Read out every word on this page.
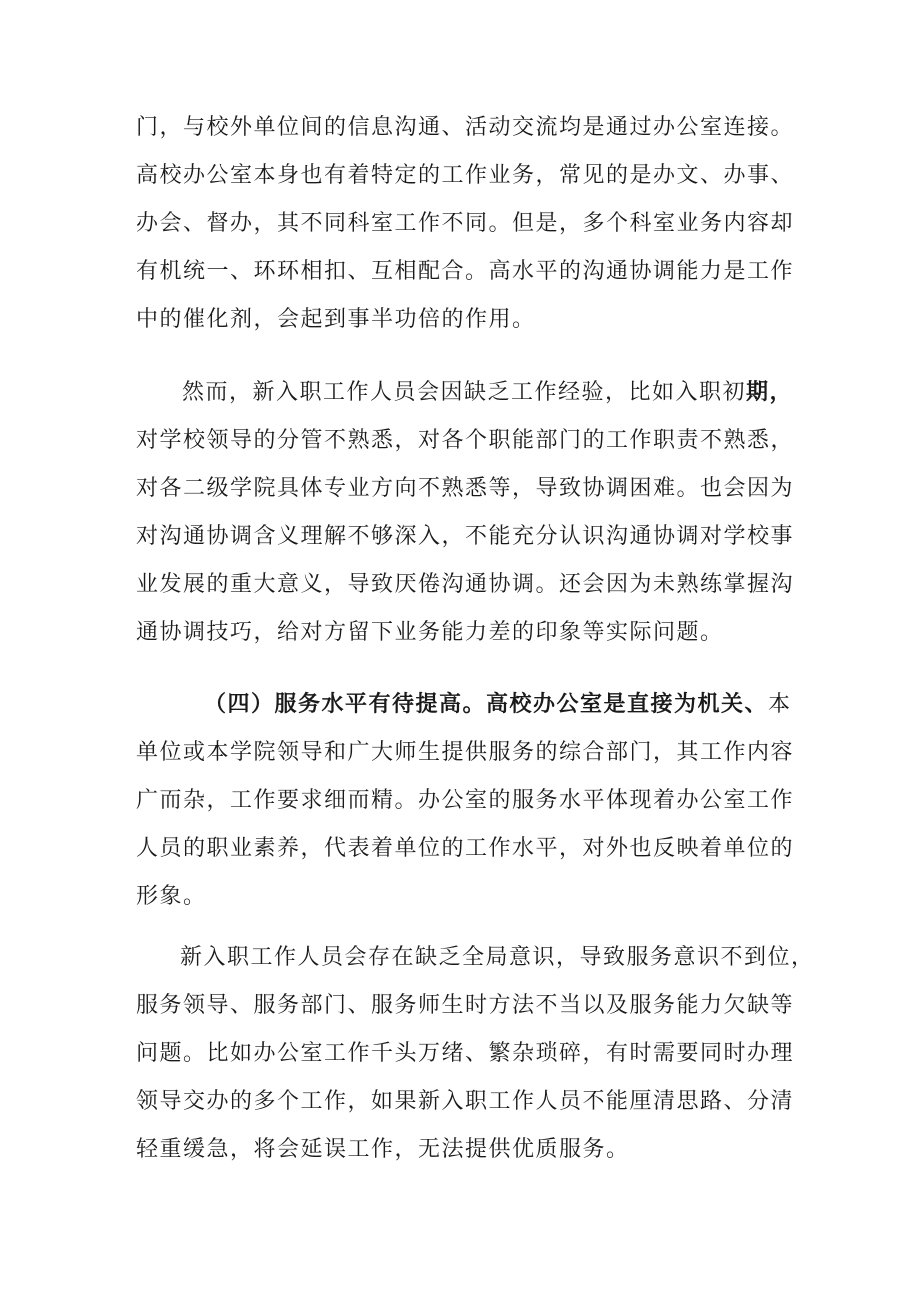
门，与校外单位间的信息沟通、活动交流均是通过办公室连接。
高校办公室本身也有着特定的工作业务，常见的是办文、办事、
办会、督办，其不同科室工作不同。但是，多个科室业务内容却
有机统一、环环相扣、互相配合。高水平的沟通协调能力是工作
中的催化剂，会起到事半功倍的作用。

然而，新入职工作人员会因缺乏工作经验，比如入职初期，
对学校领导的分管不熟悉，对各个职能部门的工作职责不熟悉，
对各二级学院具体专业方向不熟悉等，导致协调困难。也会因为
对沟通协调含义理解不够深入，不能充分认识沟通协调对学校事
业发展的重大意义，导致厌倦沟通协调。还会因为未熟练掌握沟
通协调技巧，给对方留下业务能力差的印象等实际问题。

（四）服务水平有待提高。高校办公室是直接为机关、本
单位或本学院领导和广大师生提供服务的综合部门，其工作内容
广而杂，工作要求细而精。办公室的服务水平体现着办公室工作
人员的职业素养，代表着单位的工作水平，对外也反映着单位的
形象。

新入职工作人员会存在缺乏全局意识，导致服务意识不到位，
服务领导、服务部门、服务师生时方法不当以及服务能力欠缺等
问题。比如办公室工作千头万绪、繁杂琐碎，有时需要同时办理
领导交办的多个工作，如果新入职工作人员不能厘清思路、分清
轻重缓急，将会延误工作，无法提供优质服务。
